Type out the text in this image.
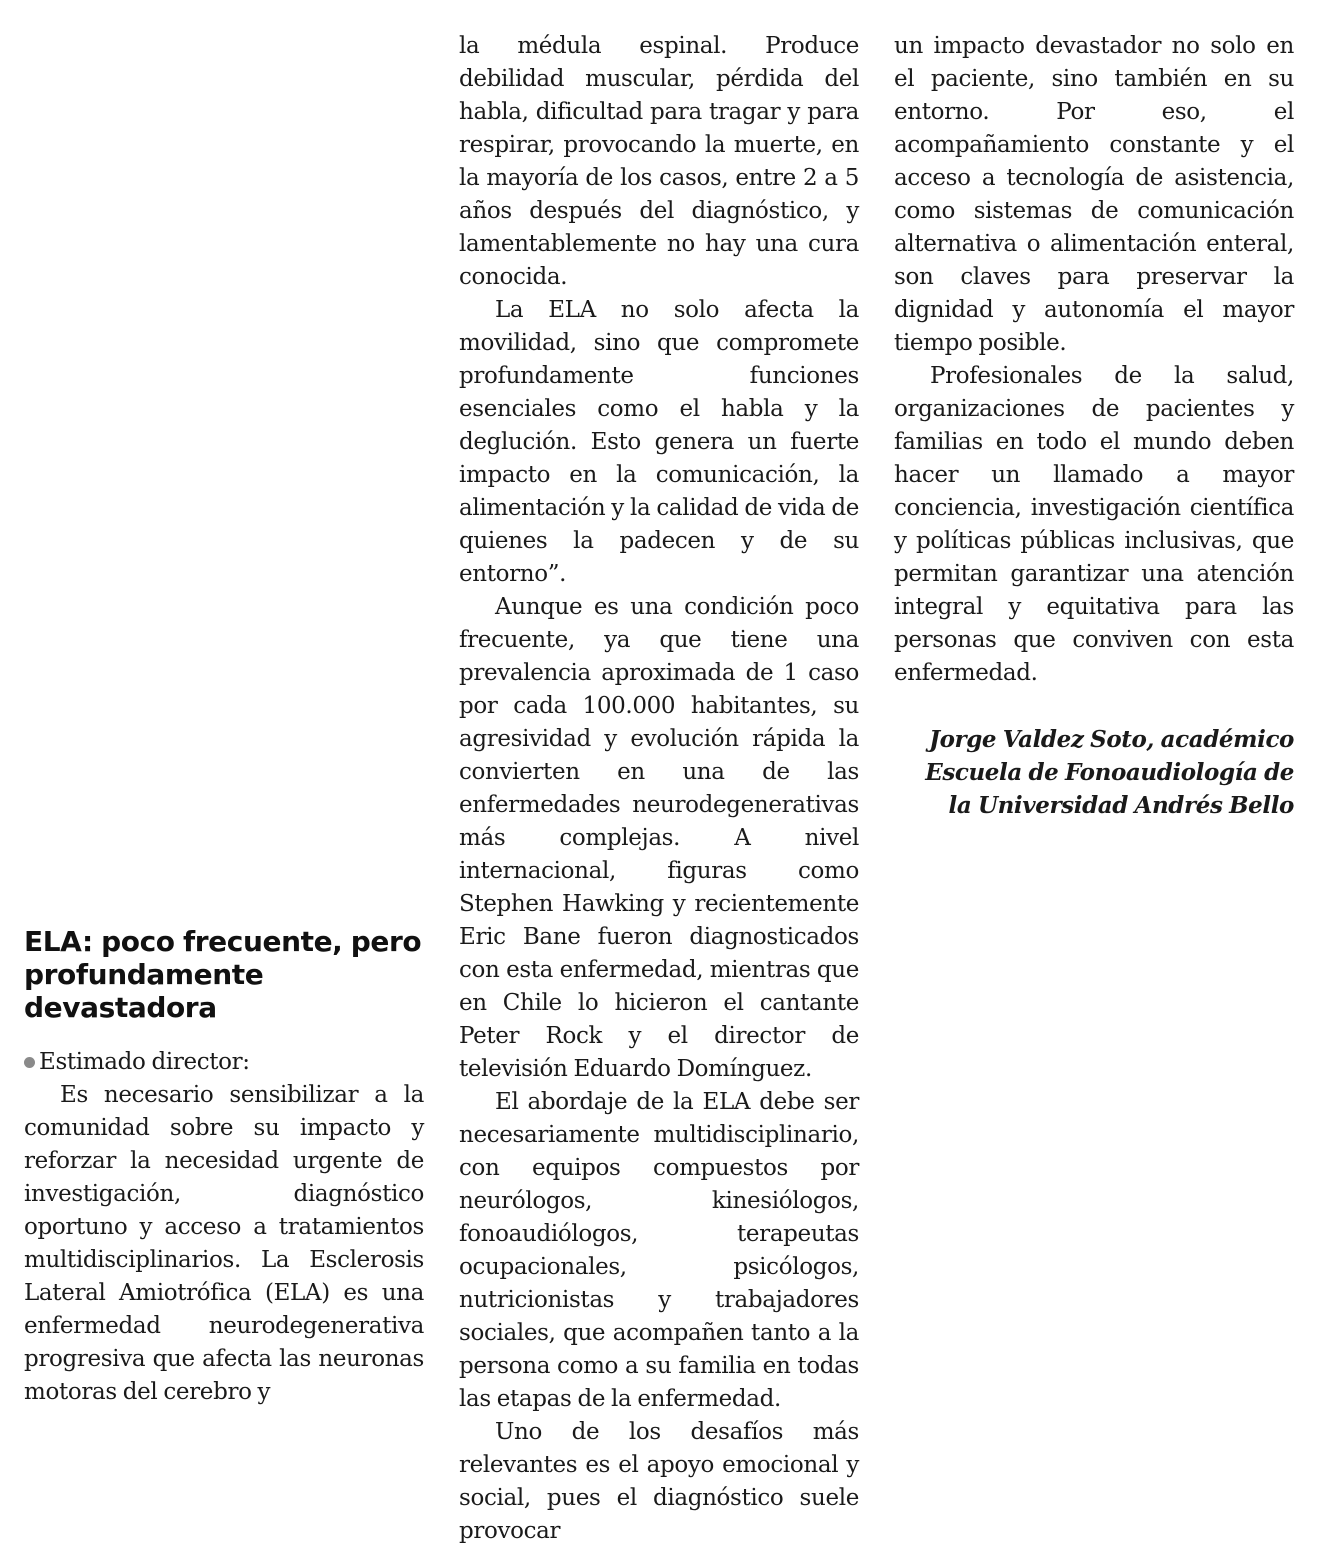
ELA: poco frecuente, pero profundamente devastadora

Estimado director:

Es necesario sensibilizar a la comunidad sobre su impacto y reforzar la necesidad urgente de investigación, diagnóstico oportuno y acceso a tratamientos multidisciplinarios. La Esclerosis Lateral Amiotrófica (ELA) es una enfermedad neurodegenerativa progresiva que afecta las neuronas motoras del cerebro y

la médula espinal. Produce debilidad muscular, pérdida del habla, dificultad para tragar y para respirar, provocando la muerte, en la mayoría de los casos, entre 2 a 5 años después del diagnóstico, y lamentablemente no hay una cura conocida.

La ELA no solo afecta la movilidad, sino que compromete profundamente funciones esenciales como el habla y la deglución. Esto genera un fuerte impacto en la comunicación, la alimentación y la calidad de vida de quienes la padecen y de su entorno”.

Aunque es una condición poco frecuente, ya que tiene una prevalencia aproximada de 1 caso por cada 100.000 habitantes, su agresividad y evolución rápida la convierten en una de las enfermedades neurodegenerativas más complejas. A nivel internacional, figuras como Stephen Hawking y recientemente Eric Bane fueron diagnosticados con esta enfermedad, mientras que en Chile lo hicieron el cantante Peter Rock y el director de televisión Eduardo Domínguez.

El abordaje de la ELA debe ser necesariamente multidisciplinario, con equipos compuestos por neurólogos, kinesiólogos, fonoaudiólogos, terapeutas ocupacionales, psicólogos, nutricionistas y trabajadores sociales, que acompañen tanto a la persona como a su familia en todas las etapas de la enfermedad.

Uno de los desafíos más relevantes es el apoyo emocional y social, pues el diagnóstico suele provocar

un impacto devastador no solo en el paciente, sino también en su entorno. Por eso, el acompañamiento constante y el acceso a tecnología de asistencia, como sistemas de comunicación alternativa o alimentación enteral, son claves para preservar la dignidad y autonomía el mayor tiempo posible.

Profesionales de la salud, organizaciones de pacientes y familias en todo el mundo deben hacer un llamado a mayor conciencia, investigación científica y políticas públicas inclusivas, que permitan garantizar una atención integral y equitativa para las personas que conviven con esta enfermedad.

Jorge Valdez Soto, académico Escuela de Fonoaudiología de la Universidad Andrés Bello
